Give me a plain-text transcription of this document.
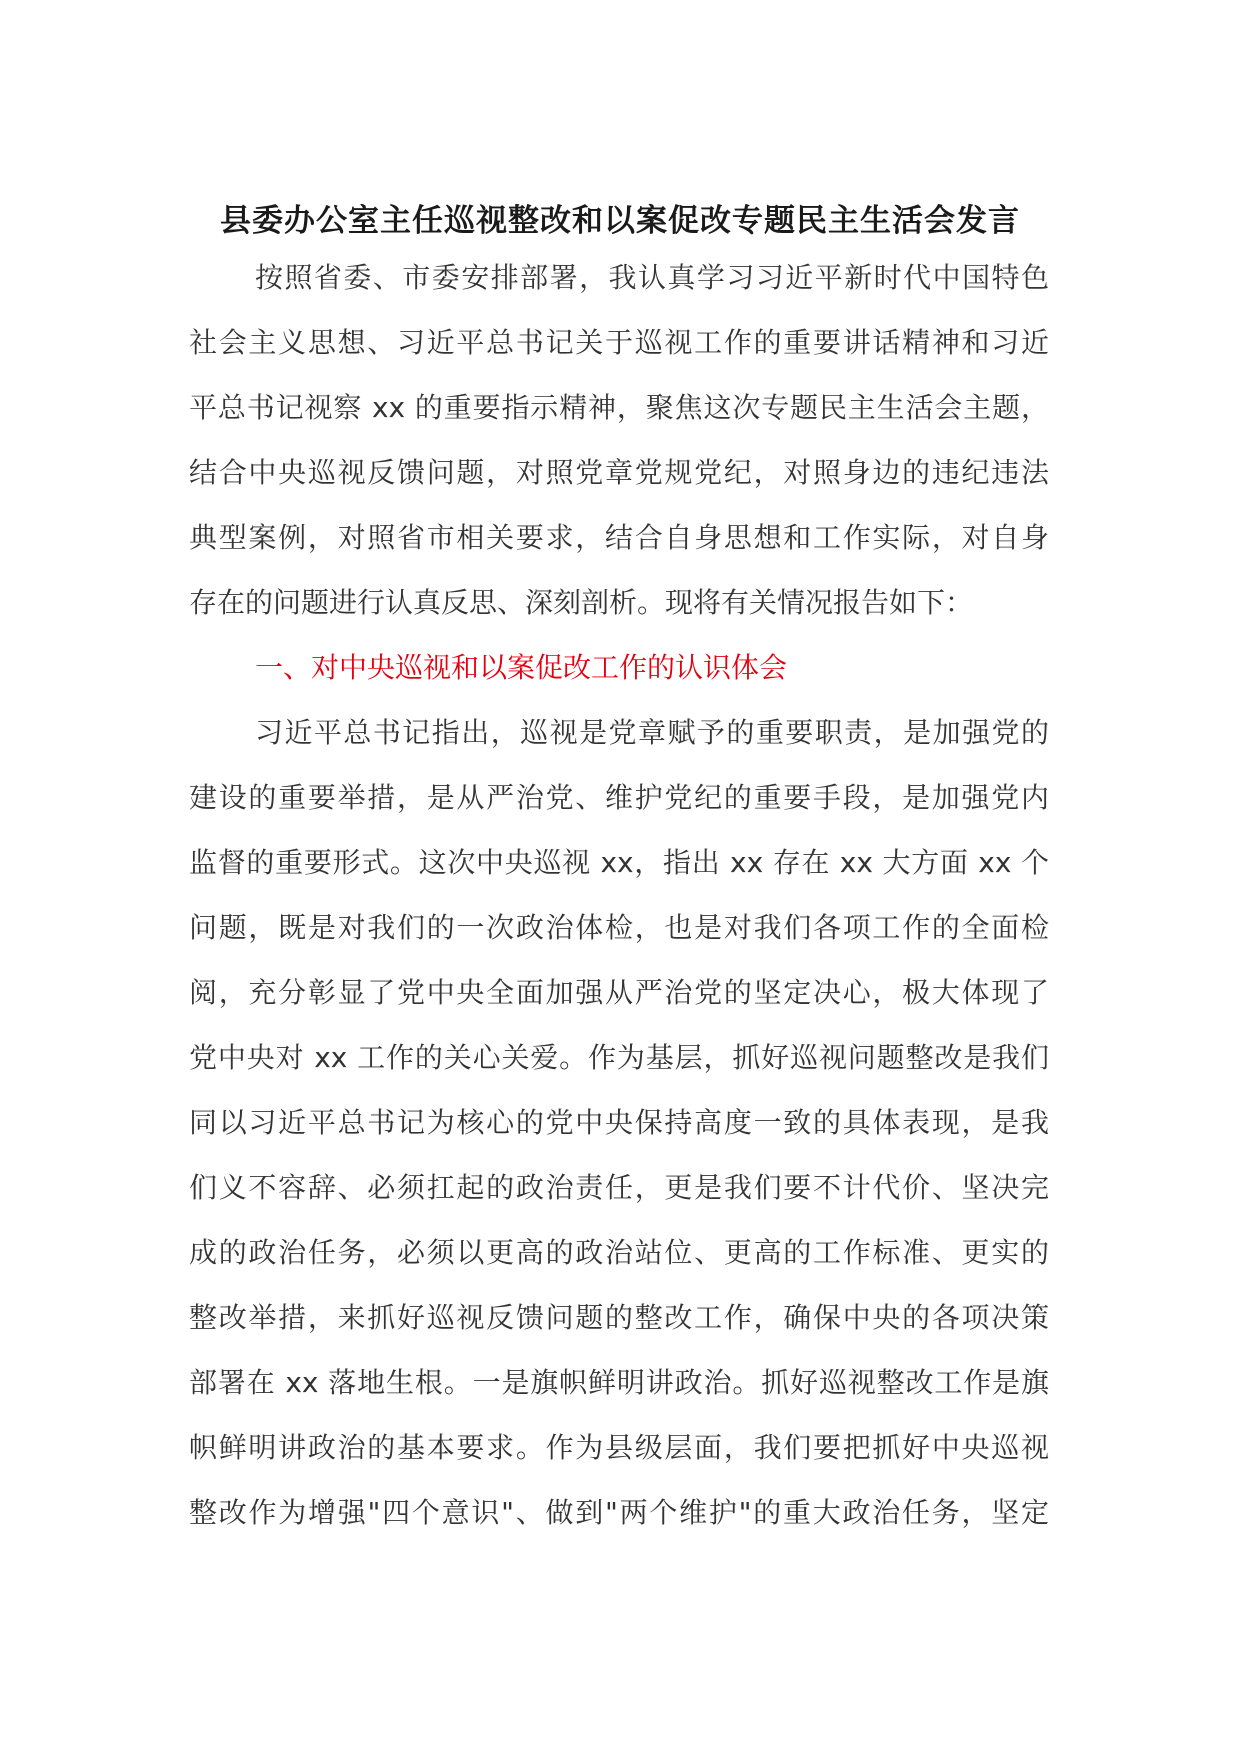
县委办公室主任巡视整改和以案促改专题民主生活会发言
按照省委、市委安排部署，我认真学习习近平新时代中国特色
社会主义思想、习近平总书记关于巡视工作的重要讲话精神和习近
平总书记视察 xx 的重要指示精神，聚焦这次专题民主生活会主题，
结合中央巡视反馈问题，对照党章党规党纪，对照身边的违纪违法
典型案例，对照省市相关要求，结合自身思想和工作实际，对自身
存在的问题进行认真反思、深刻剖析。现将有关情况报告如下：
一、对中央巡视和以案促改工作的认识体会
习近平总书记指出，巡视是党章赋予的重要职责，是加强党的
建设的重要举措，是从严治党、维护党纪的重要手段，是加强党内
监督的重要形式。这次中央巡视 xx，指出 xx 存在 xx 大方面 xx 个
问题，既是对我们的一次政治体检，也是对我们各项工作的全面检
阅，充分彰显了党中央全面加强从严治党的坚定决心，极大体现了
党中央对 xx 工作的关心关爱。作为基层，抓好巡视问题整改是我们
同以习近平总书记为核心的党中央保持高度一致的具体表现，是我
们义不容辞、必须扛起的政治责任，更是我们要不计代价、坚决完
成的政治任务，必须以更高的政治站位、更高的工作标准、更实的
整改举措，来抓好巡视反馈问题的整改工作，确保中央的各项决策
部署在 xx 落地生根。一是旗帜鲜明讲政治。抓好巡视整改工作是旗
帜鲜明讲政治的基本要求。作为县级层面，我们要把抓好中央巡视
整改作为增强"四个意识"、做到"两个维护"的重大政治任务，坚定
